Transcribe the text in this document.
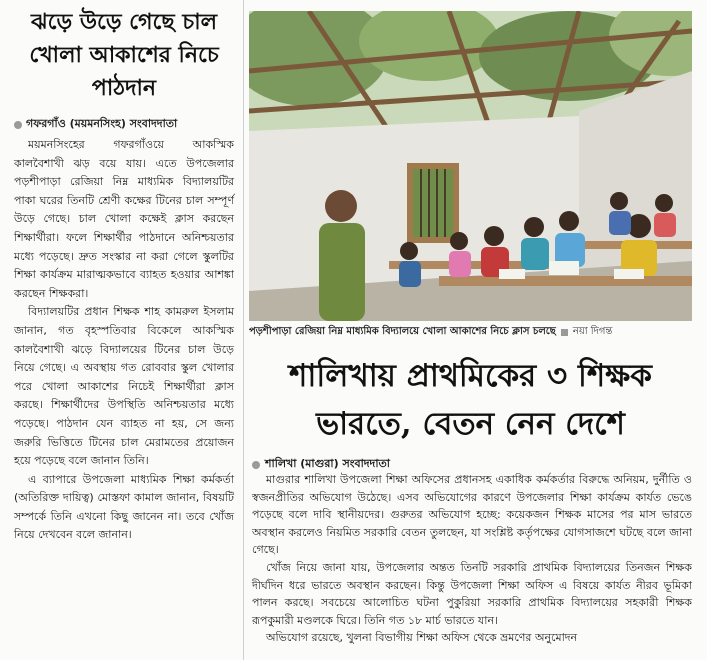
ঝড়ে উড়ে গেছে চাল
খোলা আকাশের নিচে
পাঠদান
গফরগাঁও (ময়মনসিংহ) সংবাদদাতা

ময়মনসিংহের গফরগাঁওয়ে আকস্মিক কালবৈশাখী ঝড় বয়ে যায়। এতে উপজেলার পড়শীপাড়া রেজিয়া নিম্ন মাধ্যমিক বিদ্যালয়টির পাকা ঘরের তিনটি শ্রেণী কক্ষের টিনের চাল সম্পূর্ণ উড়ে গেছে। চাল খোলা কক্ষেই ক্লাস করছেন শিক্ষার্থীরা। ফলে শিক্ষার্থীর পাঠদানে অনিশ্চয়তার মধ্যে পড়েছে। দ্রুত সংস্কার না করা গেলে স্কুলটির শিক্ষা কার্যক্রম মারাত্মকভাবে ব্যাহত হওয়ার আশঙ্কা করছেন শিক্ষকরা।

বিদ্যালয়টির প্রধান শিক্ষক শাহ কামরুল ইসলাম জানান, গত বৃহস্পতিবার বিকেলে আকস্মিক কালবৈশাখী ঝড়ে বিদ্যালয়ের টিনের চাল উড়ে নিয়ে গেছে। এ অবস্থায় গত রোববার স্কুল খোলার পরে খোলা আকাশের নিচেই শিক্ষার্থীরা ক্লাস করছে। শিক্ষার্থীদের উপস্থিতি অনিশ্চয়তার মধ্যে পড়েছে। পাঠদান যেন ব্যাহত না হয়, সে জন্য জরুরি ভিত্তিতে টিনের চাল মেরামতের প্রয়োজন হয়ে পড়েছে বলে জানান তিনি।

এ ব্যাপারে উপজেলা মাধ্যমিক শিক্ষা কর্মকর্তা (অতিরিক্ত দায়িত্ব) মোস্তফা কামাল জানান, বিষয়টি সম্পর্কে তিনি এখনো কিছু জানেন না। তবে খোঁজ নিয়ে দেখবেন বলে জানান।

পড়শীপাড়া রেজিয়া নিম্ন মাধ্যমিক বিদ্যালয়ে খোলা আকাশের নিচে ক্লাস চলছে নয়া দিগন্ত
শালিখায় প্রাথমিকের ৩ শিক্ষক
ভারতে, বেতন নেন দেশে
শালিখা (মাগুরা) সংবাদদাতা

মাগুরার শালিখা উপজেলা শিক্ষা অফিসের প্রধানসহ একাধিক কর্মকর্তার বিরুদ্ধে অনিয়ম, দুর্নীতি ও স্বজনপ্রীতির অভিযোগ উঠেছে। এসব অভিযোগের কারণে উপজেলার শিক্ষা কার্যক্রম কার্যত ভেঙে পড়েছে বলে দাবি স্থানীয়দের। গুরুতর অভিযোগ হচ্ছে: কয়েকজন শিক্ষক মাসের পর মাস ভারতে অবস্থান করলেও নিয়মিত সরকারি বেতন তুলছেন, যা সংশ্লিষ্ট কর্তৃপক্ষের যোগসাজশে ঘটছে বলে জানা গেছে।

খোঁজ নিয়ে জানা যায়, উপজেলার অন্তত তিনটি সরকারি প্রাথমিক বিদ্যালয়ের তিনজন শিক্ষক দীর্ঘদিন ধরে ভারতে অবস্থান করছেন। কিন্তু উপজেলা শিক্ষা অফিস এ বিষয়ে কার্যত নীরব ভূমিকা পালন করছে। সবচেয়ে আলোচিত ঘটনা পুকুরিয়া সরকারি প্রাথমিক বিদ্যালয়ের সহকারী শিক্ষক রূপকুমারী মণ্ডলকে ঘিরে। তিনি গত ১৮ মার্চ ভারতে যান।

অভিযোগ রয়েছে, খুলনা বিভাগীয় শিক্ষা অফিস থেকে ভ্রমণের অনুমোদন
